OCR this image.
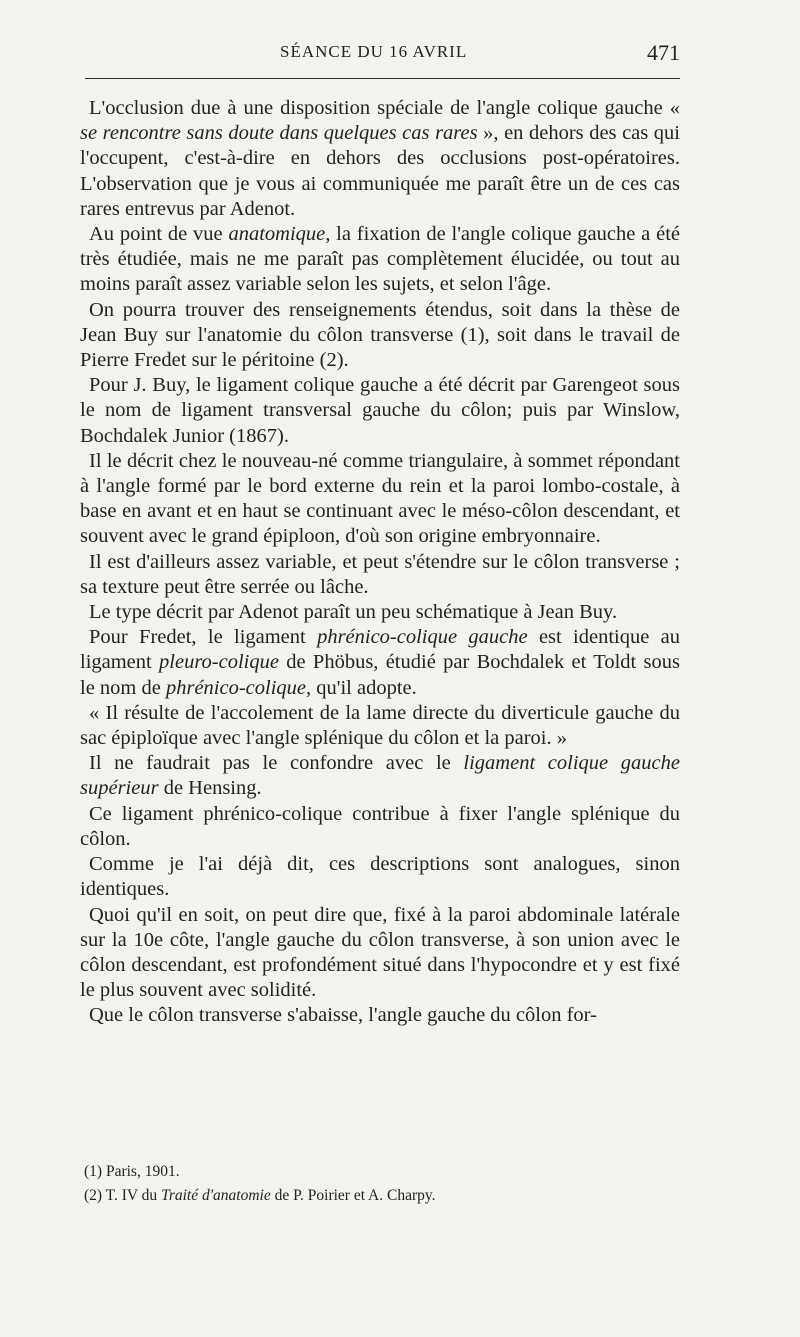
SÉANCE DU 16 AVRIL	471

L'occlusion due à une disposition spéciale de l'angle colique gauche « se rencontre sans doute dans quelques cas rares », en dehors des cas qui l'occupent, c'est-à-dire en dehors des occlusions post-opératoires. L'observation que je vous ai communiquée me paraît être un de ces cas rares entrevus par Adenot.

Au point de vue anatomique, la fixation de l'angle colique gauche a été très étudiée, mais ne me paraît pas complètement élucidée, ou tout au moins paraît assez variable selon les sujets, et selon l'âge.

On pourra trouver des renseignements étendus, soit dans la thèse de Jean Buy sur l'anatomie du côlon transverse (1), soit dans le travail de Pierre Fredet sur le péritoine (2).

Pour J. Buy, le ligament colique gauche a été décrit par Garengeot sous le nom de ligament transversal gauche du côlon; puis par Winslow, Bochdalek Junior (1867).

Il le décrit chez le nouveau-né comme triangulaire, à sommet répondant à l'angle formé par le bord externe du rein et la paroi lombo-costale, à base en avant et en haut se continuant avec le méso-côlon descendant, et souvent avec le grand épiploon, d'où son origine embryonnaire.

Il est d'ailleurs assez variable, et peut s'étendre sur le côlon transverse ; sa texture peut être serrée ou lâche.

Le type décrit par Adenot paraît un peu schématique à Jean Buy.

Pour Fredet, le ligament phrénico-colique gauche est identique au ligament pleuro-colique de Phöbus, étudié par Bochdalek et Toldt sous le nom de phrénico-colique, qu'il adopte.

« Il résulte de l'accolement de la lame directe du diverticule gauche du sac épiploïque avec l'angle splénique du côlon et la paroi. »

Il ne faudrait pas le confondre avec le ligament colique gauche supérieur de Hensing.

Ce ligament phrénico-colique contribue à fixer l'angle splénique du côlon.

Comme je l'ai déjà dit, ces descriptions sont analogues, sinon identiques.

Quoi qu'il en soit, on peut dire que, fixé à la paroi abdominale latérale sur la 10e côte, l'angle gauche du côlon transverse, à son union avec le côlon descendant, est profondément situé dans l'hypocondre et y est fixé le plus souvent avec solidité.

Que le côlon transverse s'abaisse, l'angle gauche du côlon for-

(1) Paris, 1901.

(2) T. IV du Traité d'anatomie de P. Poirier et A. Charpy.
